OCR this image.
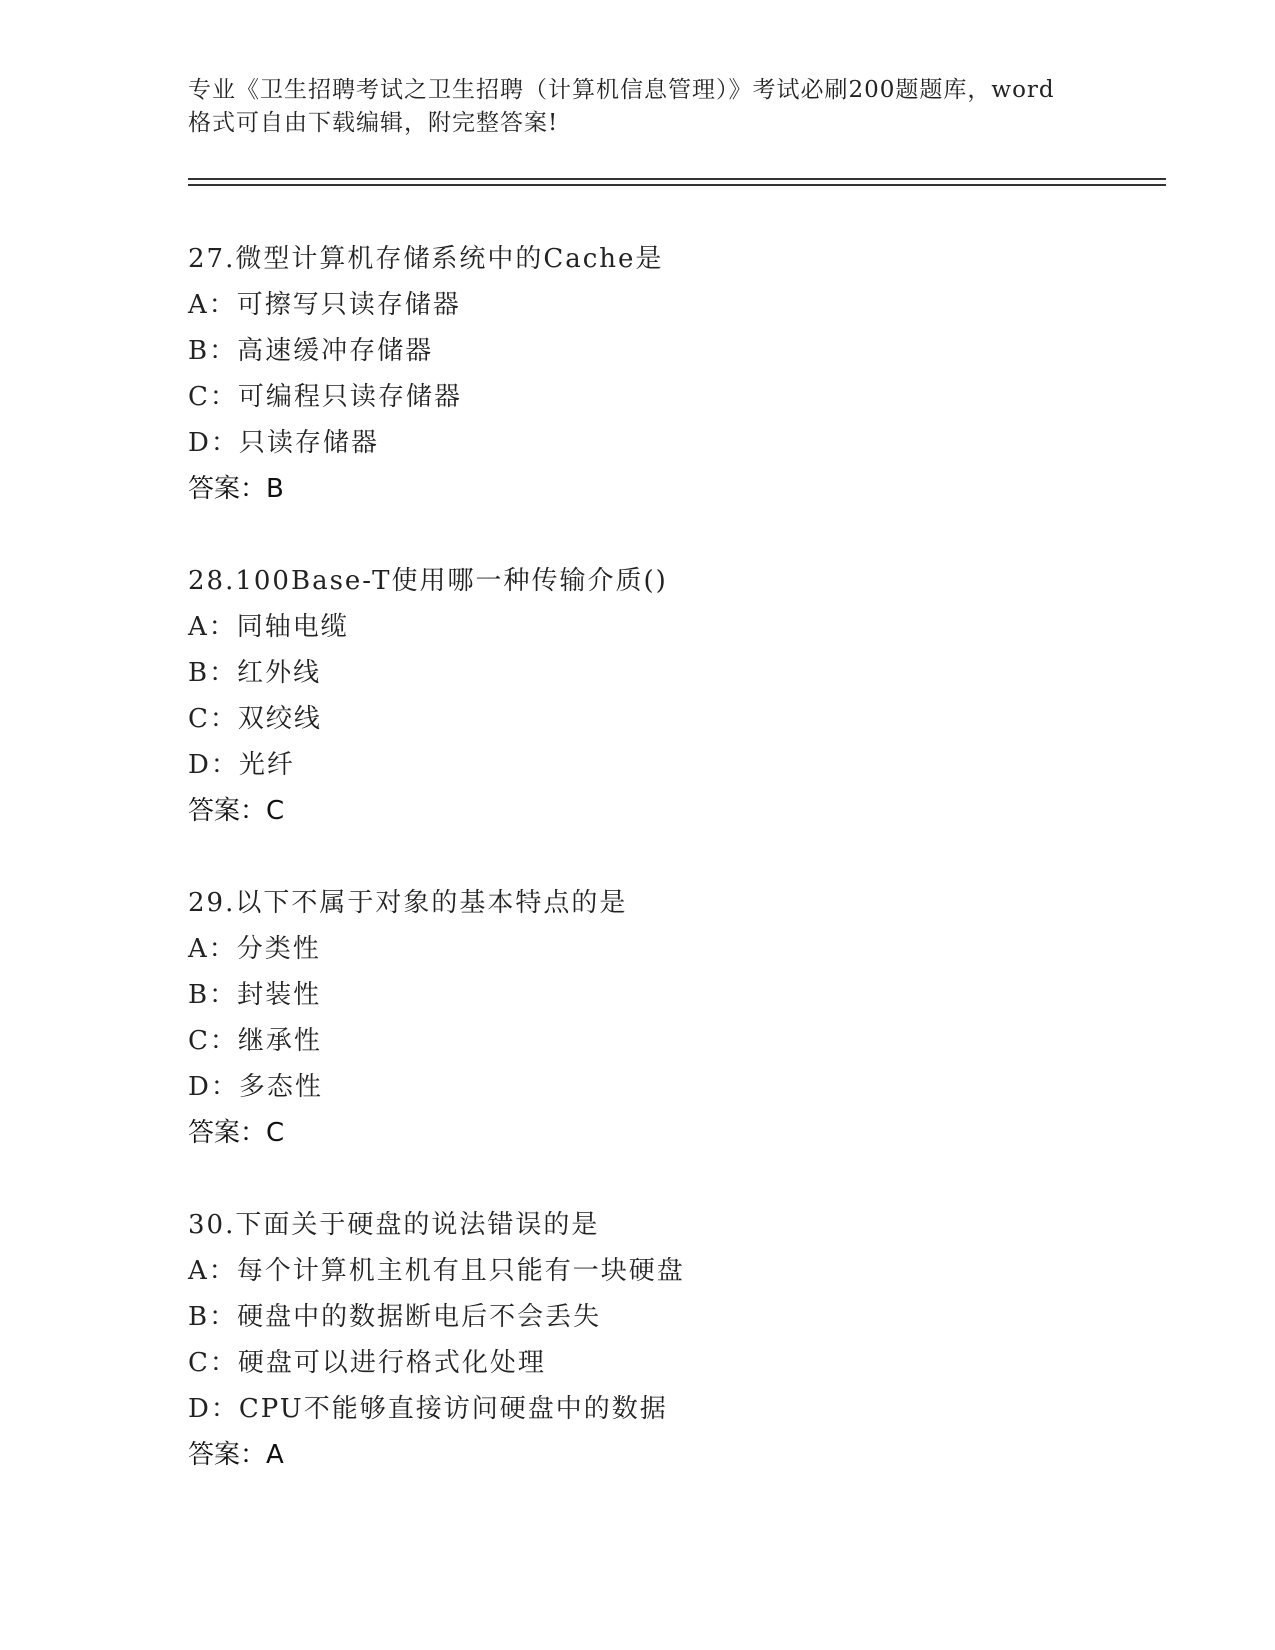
专业《卫生招聘考试之卫生招聘（计算机信息管理）》考试必刷200题题库，word
格式可自由下载编辑，附完整答案!
27.微型计算机存储系统中的Cache是
A：可擦写只读存储器
B：高速缓冲存储器
C：可编程只读存储器
D：只读存储器
答案：B
28.100Base-T使用哪一种传输介质()
A：同轴电缆
B：红外线
C：双绞线
D：光纤
答案：C
29.以下不属于对象的基本特点的是
A：分类性
B：封装性
C：继承性
D：多态性
答案：C
30.下面关于硬盘的说法错误的是
A：每个计算机主机有且只能有一块硬盘
B：硬盘中的数据断电后不会丢失
C：硬盘可以进行格式化处理
D：CPU不能够直接访问硬盘中的数据
答案：A
